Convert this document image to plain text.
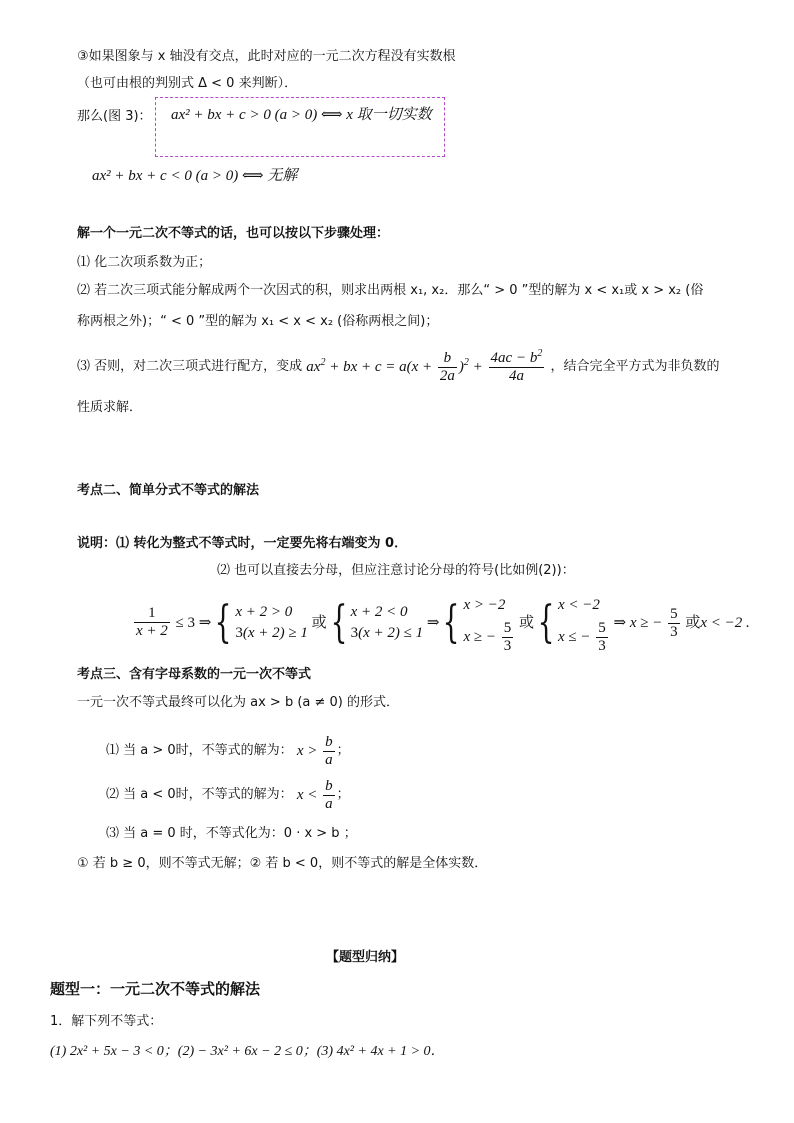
③如果图象与 x 轴没有交点，此时对应的一元二次方程没有实数根
（也可由根的判别式 Δ < 0 来判断）．
那么(图 3)： ax² + bx + c > 0 (a > 0) ⟺ x 取一切实数
ax² + bx + c < 0 (a > 0) ⟺ 无解
解一个一元二次不等式的话，也可以按以下步骤处理：
⑴ 化二次项系数为正；
⑵ 若二次三项式能分解成两个一次因式的积，则求出两根 x₁, x₂．那么“ > 0 ”型的解为 x < x₁或 x > x₂ (俗
称两根之外)；“ < 0 ”型的解为 x₁ < x < x₂ (俗称两根之间)；
⑶ 否则，对二次三项式进行配方，变成 $ax^2$ + bx + $c = a(x + \frac{b}{2a} )^2 + \frac{4ac - b^2}{4a}$ ，结合完全平方式为非负数的
性质求解．
考点二、简单分式不等式的解法
说明：⑴ 转化为整式不等式时，一定要先将右端变为 0．
⑵ 也可以直接去分母，但应注意讨论分母的符号(比如例(2))：
$\frac{1}{x + 2} \le 3$ ⇒{ x + 2 > 0
3(x + 2) ≥ 1
或{ x + 2 < 0
3(x + 2) ≤ 1
⇒{ x > −2
x ≥ − $\frac{5}{3}$ 或{ x < −2
x ≤ − $\frac{5}{3}$ ⇒ x ≥ − $\frac{5}{3}$ 或x < −2 .
考点三、含有字母系数的一元一次不等式
一元一次不等式最终可以化为 ax > b (a ≠ 0) 的形式．
⑴ 当 a > 0时，不等式的解为： $x > \frac{b}{a}$ ；
⑵ 当 a < 0时，不等式的解为： $x < \frac{b}{a}$ ；
⑶ 当 a = 0 时，不等式化为：0 · x > b ；
① 若 b ≥ 0，则不等式无解；② 若 b < 0，则不等式的解是全体实数．
【题型归纳】
题型一：一元二次不等式的解法
1．解下列不等式：
(1) 2x² + 5x − 3 < 0；(2) − 3x² + 6x − 2 ≤ 0；(3) 4x² + 4x + 1 > 0．
